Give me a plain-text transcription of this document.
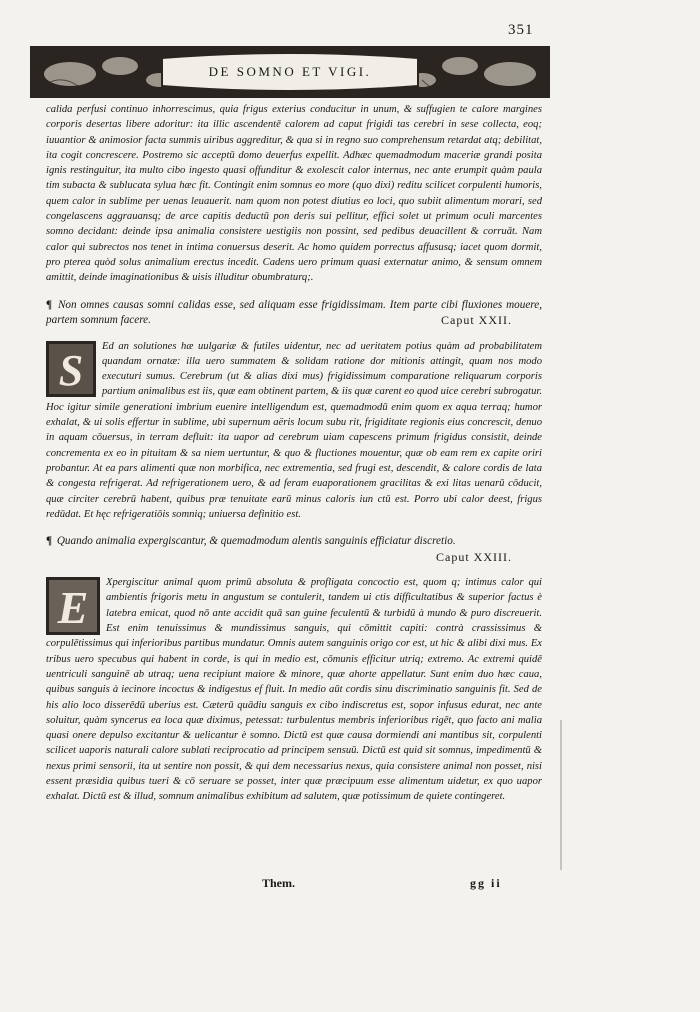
351
DE SOMNO ET VIGI.

calida perfusi continuo inhorrescimus, quia frigus exterius conducitur in unum, & suffugien te calore margines corporis desertas libere adoritur: ita illic ascendentē calorem ad caput frigidi tas cerebri in sese collecta, eoq; iuuantior & animosior facta summis uiribus aggreditur, & qua si in regno suo comprehensum retardat atq; debilitat, ita cogit concrescere. Postremo sic acceptū domo deuerfus expellit. Adhæc quemadmodum maceriæ grandi posita ignis restinguitur, ita multo cibo ingesto quasi offunditur & exolescit calor internus, nec ante erumpit quàm paula tim subacta & sublucata sylua hæc fit. Contingit enim somnus eo more (quo dixi) reditu scilicet corpulenti humoris, quem calor in sublime per uenas leuauerit. nam quom non potest diutius eo loci, quo subiit alimentum morari, sed congelascens aggrauansq; de arce capitis deductū pon deris sui pellitur, effici solet ut primum oculi marcentes somno decidant: deinde ipsa animalia consistere uestigiis non possint, sed pedibus deuacillent & corruāt. Nam calor qui subrectos nos tenet in intima conuersus deserit. Ac homo quidem porrectus affususq; iacet quom dormit, pro pterea quòd solus animalium erectus incedit. Cadens uero primum quasi externatur animo, & sensum omnem amittit, deinde imaginationibus & uisis illuditur obumbraturq;.

¶ Non omnes causas somni calidas esse, sed aliquam esse frigidissimam. Item parte cibi fluxiones mouere, partem somnum facere.	Caput XXII.
S	Ed an solutiones hæ uulgariæ & futiles uidentur, nec ad ueritatem potius quàm ad probabilitatem quandam ornatæ: illa uero summatem & solidam ratione dor mitionis attingit, quam nos modo executuri sumus. Cerebrum (ut & alias dixi mus) frigidissimum comparatione reliquarum corporis partium animalibus est iis, quæ eam obtinent partem, & iis quæ carent eo quod uice cerebri subrogatur. Hoc igitur simile generationi imbrium euenire intelligendum est, quemadmodū enim quom ex aqua terraq; humor exhalat, & ui solis effertur in sublime, ubi supernum aëris locum subu rit, frigiditate regionis eius concrescit, denuo in aquam cōuersus, in terram defluit: ita uapor ad cerebrum uiam capescens primum frigidus consistit, deinde concrementa ex eo in pituitam & sa niem uertuntur, & quo & fluctiones mouentur, quæ ob eam rem ex capite oriri probantur. At ea pars alimenti quæ non morbifica, nec extrementia, sed frugi est, descendit, & calore cordis de lata & congesta refrigerat. Ad refrigerationem uero, & ad feram euaporationem gracilitas & exi litas uenarū cōducit, quæ circiter cerebrū habent, quibus præ tenuitate earū minus caloris iun ctū est. Porro ubi calor deest, frigus redūdat. Et hęc refrigeratiōis somniq; uniuersa definitio est.

¶ Quando animalia expergiscantur, & quemadmodum alentis sanguinis efficiatur discretio.
Caput XXIII.
E	Xpergiscitur animal quom primū absoluta & profligata concoctio est, quom q; intimus calor qui ambientis frigoris metu in angustum se contulerit, tandem ui ctis difficultatibus & superior factus è latebra emicat, quod nō ante accidit quā san guine feculentū & turbidū à mundo & puro discreuerit. Est enim tenuissimus & mundissimus sanguis, qui cōmittit capiti: contrà crassissimus & corpulētissimus qui inferioribus partibus mundatur. Omnis autem sanguinis origo cor est, ut hic & alibi dixi mus. Ex tribus uero specubus qui habent in corde, is qui in medio est, cōmunis efficitur utriq; extremo. Ac extremi quidē uentriculi sanguinē ab utraq; uena recipiunt maiore & minore, quæ ahorte appellatur. Sunt enim duo hæc caua, quibus sanguis à iecinore incoctus & indigestus ef fluit. In medio aūt cordis sinu discriminatio sanguinis fit. Sed de his alio loco disserēdū uberius est. Cæterū quādiu sanguis ex cibo indiscretus est, sopor infusus edurat, nec ante soluitur, quàm syncerus ea loca quæ diximus, petessat: turbulentus membris inferioribus rigēt, quo facto ani malia quasi onere depulso excitantur & uelicantur è somno. Dictū est quæ causa dormiendi ani mantibus sit, corpulenti scilicet uaporis naturali calore sublati reciprocatio ad principem sensuū. Dictū est quid sit somnus, impedimentū & nexus primi sensorii, ita ut sentire non possit, & qui dem necessarius nexus, quia consistere animal non posset, nisi essent præsidia quibus tueri & cō seruare se posset, inter quæ præcipuum esse alimentum uidetur, ex quo uapor exhalat. Dictū est & illud, somnum animalibus exhibitum ad salutem, quæ potissimum de quiete contingeret.

Them.	gg ii
